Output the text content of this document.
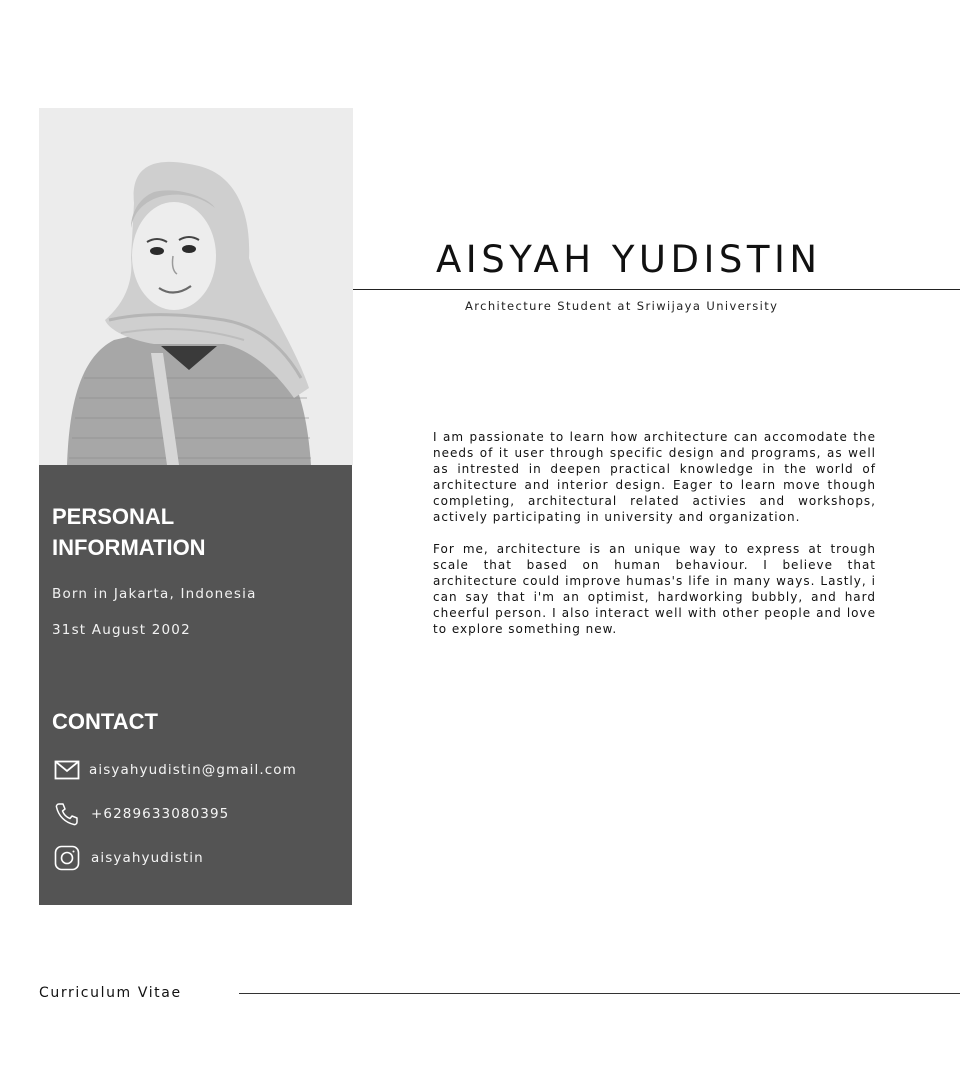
PERSONAL INFORMATION
Born in Jakarta, Indonesia
31st August 2002
CONTACT
aisyahyudistin@gmail.com
+6289633080395
aisyahyudistin
AISYAH YUDISTIN
Architecture Student at Sriwijaya University

I am passionate to learn how architecture can accomodate the needs of it user through specific design and programs, as well as intrested in deepen practical knowledge in the world of architecture and interior design. Eager to learn move though completing, architectural related activies and workshops, actively participating in university and organization.

For me, architecture is an unique way to express at trough scale that based on human behaviour. I believe that architecture could improve humas's life in many ways. Lastly, i can say that i'm an optimist, hardworking bubbly, and hard cheerful person. I also interact well with other people and love to explore something new.

Curriculum Vitae
